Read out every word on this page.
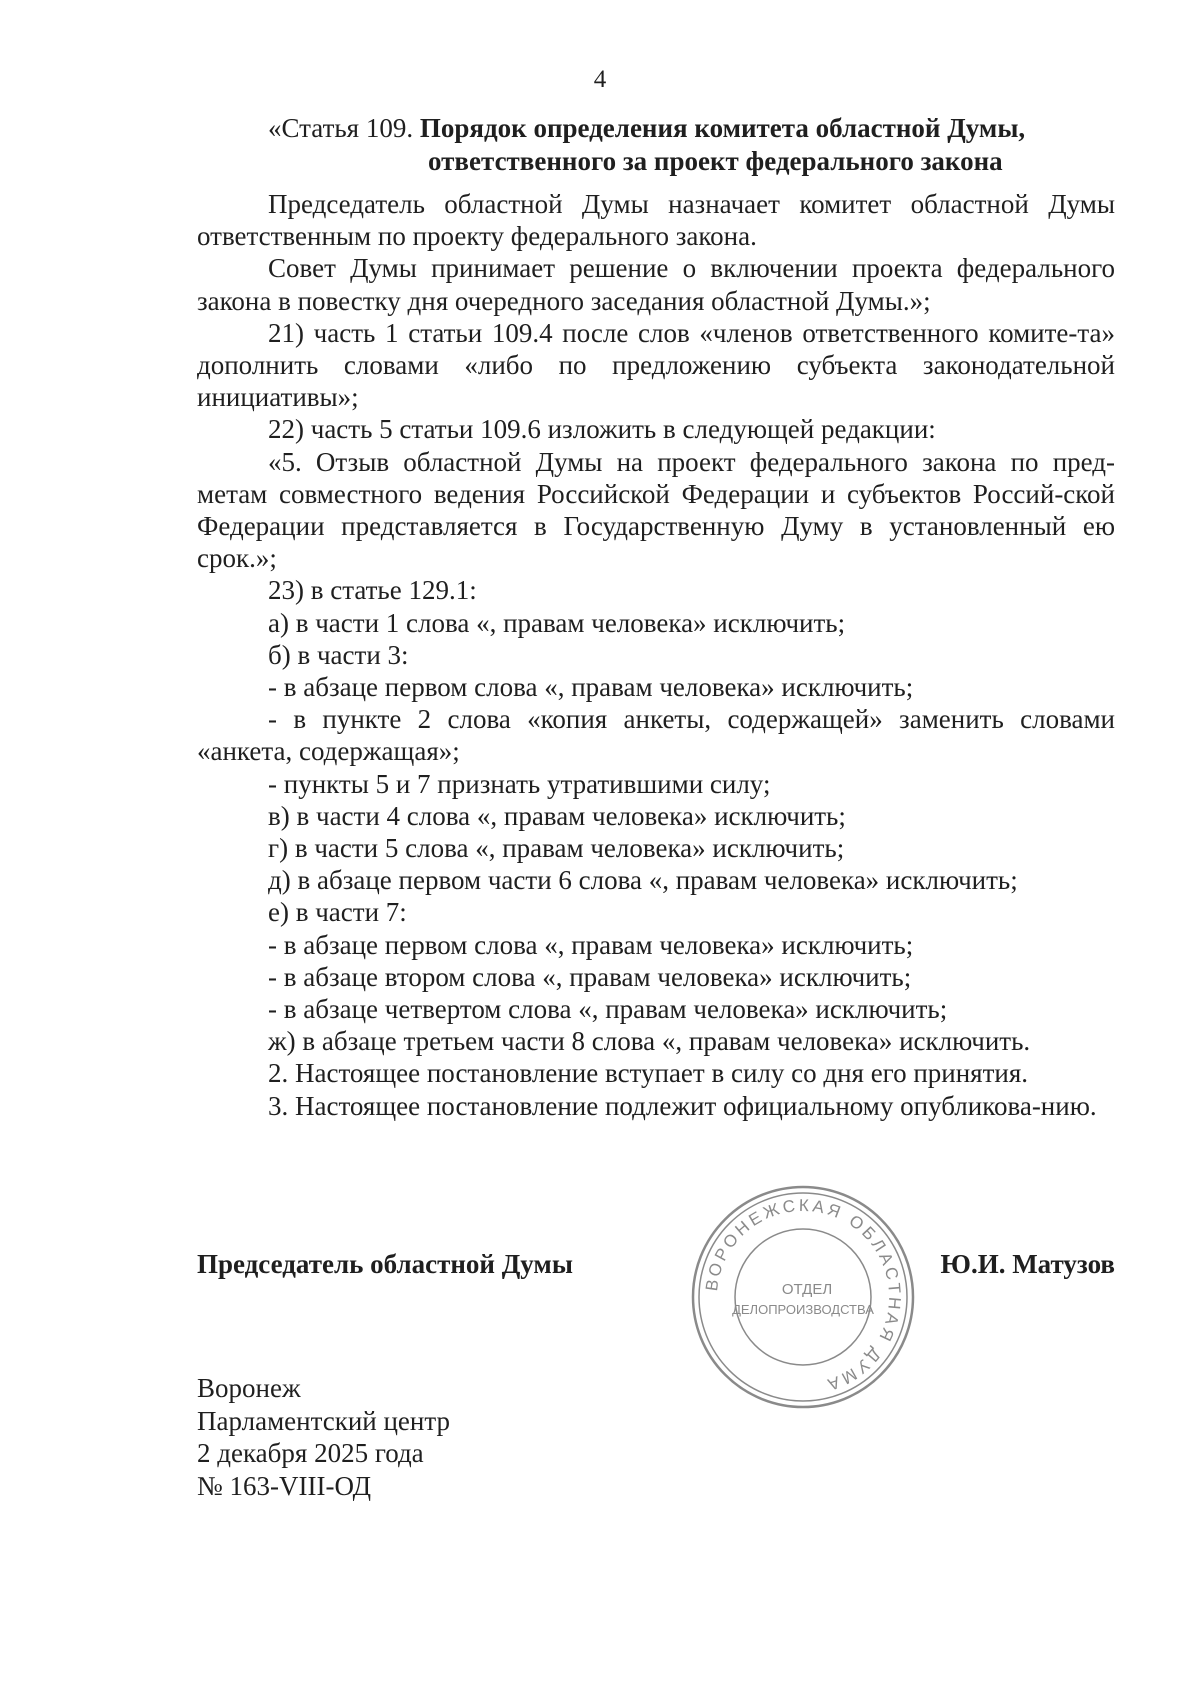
4
«Статья 109. Порядок определения комитета областной Думы,
ответственного за проект федерального закона

Председатель областной Думы назначает комитет областной Думы ответственным по проекту федерального закона.

Совет Думы принимает решение о включении проекта федерального закона в повестку дня очередного заседания областной Думы.»;

21) часть 1 статьи 109.4 после слов «членов ответственного комите-та» дополнить словами «либо по предложению субъекта законодательной инициативы»;

22) часть 5 статьи 109.6 изложить в следующей редакции:

«5. Отзыв областной Думы на проект федерального закона по пред-метам совместного ведения Российской Федерации и субъектов Россий-ской Федерации представляется в Государственную Думу в установленный ею срок.»;

23) в статье 129.1:

а) в части 1 слова «, правам человека» исключить;

б) в части 3:

- в абзаце первом слова «, правам человека» исключить;

- в пункте 2 слова «копия анкеты, содержащей» заменить словами «анкета, содержащая»;

- пункты 5 и 7 признать утратившими силу;

в) в части 4 слова «, правам человека» исключить;

г) в части 5 слова «, правам человека» исключить;

д) в абзаце первом части 6 слова «, правам человека» исключить;

е) в части 7:

- в абзаце первом слова «, правам человека» исключить;

- в абзаце втором слова «, правам человека» исключить;

- в абзаце четвертом слова «, правам человека» исключить;

ж) в абзаце третьем части 8 слова «, правам человека» исключить.

2. Настоящее постановление вступает в силу со дня его принятия.

3. Настоящее постановление подлежит официальному опубликова-нию.

Председатель областной Думы	Ю.И. Матузов
ВОРОНЕЖСКАЯ ОБЛАСТНАЯ ДУМА
ОТДЕЛ
ДЕЛОПРОИЗВОДСТВА
Воронеж
Парламентский центр
2 декабря 2025 года
№ 163-VIII-ОД
